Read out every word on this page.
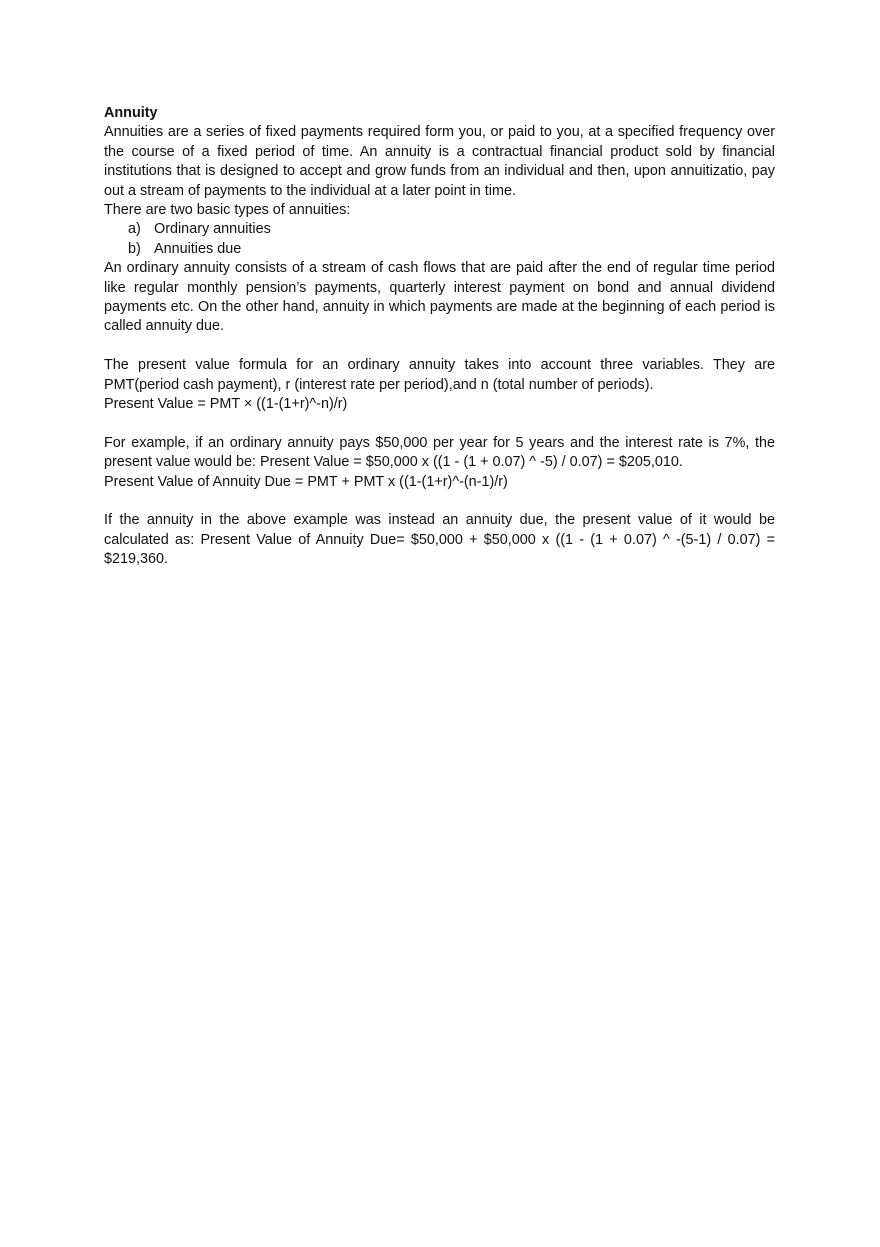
Annuity

Annuities are a series of fixed payments required form you, or paid to you, at a specified frequency over the course of a fixed period of time. An annuity is a contractual financial product sold by financial institutions that is designed to accept and grow funds from an individual and then, upon annuitizatio, pay out a stream of payments to the individual at a later point in time.

There are two basic types of annuities:

a) Ordinary annuities
b) Annuities due

An ordinary annuity consists of a stream of cash flows that are paid after the end of regular time period like regular monthly pension’s payments, quarterly interest payment on bond and annual dividend payments etc. On the other hand, annuity in which payments are made at the beginning of each period is called annuity due.

The present value formula for an ordinary annuity takes into account three variables. They are PMT(period cash payment), r (interest rate per period),and n (total number of periods).

Present Value = PMT × ((1-(1+r)^-n)/r)

For example, if an ordinary annuity pays $50,000 per year for 5 years and the interest rate is 7%, the present value would be: Present Value = $50,000 x ((1 - (1 + 0.07) ^ -5) / 0.07) = $205,010.

Present Value of Annuity Due = PMT + PMT x ((1-(1+r)^-(n-1)/r)

If the annuity in the above example was instead an annuity due, the present value of it would be calculated as: Present Value of Annuity Due= $50,000 + $50,000 x ((1 - (1 + 0.07) ^ -(5-1) / 0.07) = $219,360.
